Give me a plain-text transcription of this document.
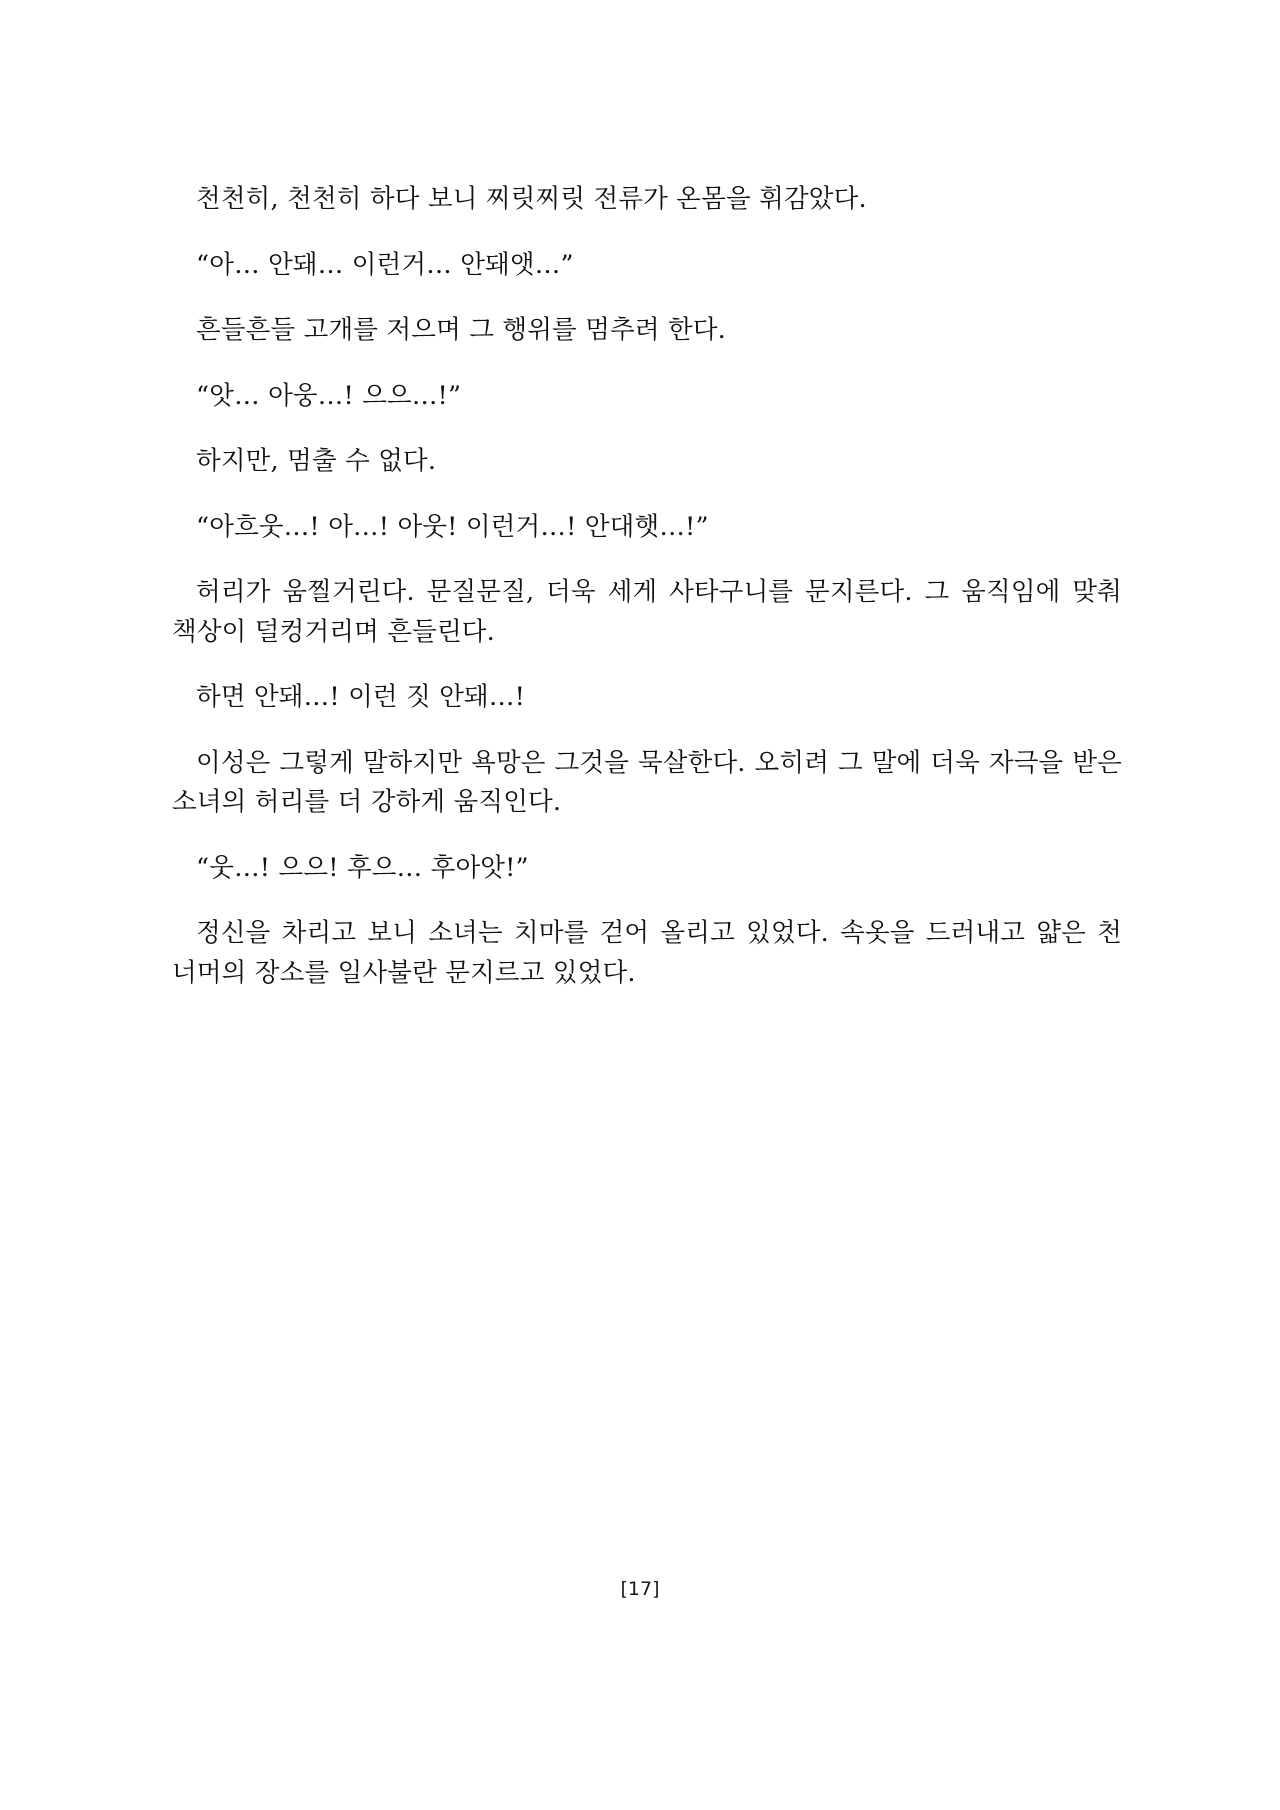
천천히, 천천히 하다 보니 찌릿찌릿 전류가 온몸을 휘감았다.

“아… 안돼… 이런거… 안돼앳…”

흔들흔들 고개를 저으며 그 행위를 멈추려 한다.

“앗… 아웅…! 으으…!”

하지만, 멈출 수 없다.

“아흐웃…! 아…! 아웃! 이런거…! 안대햇…!”

허리가 움찔거린다. 문질문질, 더욱 세게 사타구니를 문지른다. 그 움직임에 맞춰 책상이 덜컹거리며 흔들린다.

하면 안돼…! 이런 짓 안돼…!

이성은 그렇게 말하지만 욕망은 그것을 묵살한다. 오히려 그 말에 더욱 자극을 받은 소녀의 허리를 더 강하게 움직인다.

“웃…! 으으! 후으… 후아앗!”

정신을 차리고 보니 소녀는 치마를 걷어 올리고 있었다. 속옷을 드러내고 얇은 천 너머의 장소를 일사불란 문지르고 있었다.

[17]
